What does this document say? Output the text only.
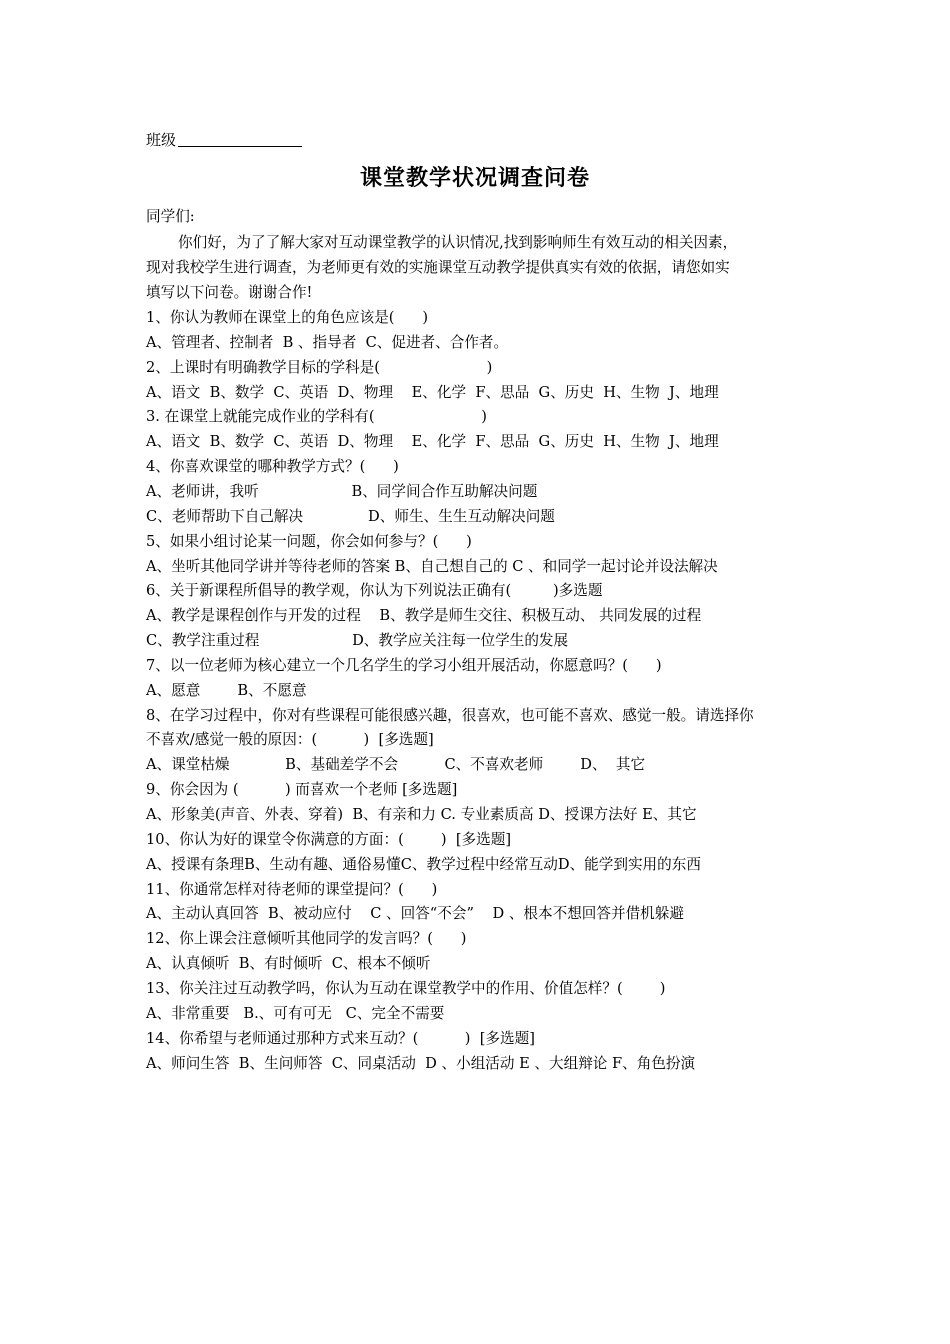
班级
课堂教学状况调查问卷
同学们:
你们好，为了了解大家对互动课堂教学的认识情况,找到影响师生有效互动的相关因素，
现对我校学生进行调查，为老师更有效的实施课堂互动教学提供真实有效的依据，请您如实
填写以下问卷。谢谢合作!
1、你认为教师在课堂上的角色应该是(      )
A、管理者、控制者  B 、指导者  C、促进者、合作者。
2、上课时有明确教学目标的学科是(                       )
A、语文  B、数学  C、英语  D、物理    E、化学  F、思品  G、历史  H、生物  J、地理
3. 在课堂上就能完成作业的学科有(                       )
A、语文  B、数学  C、英语  D、物理    E、化学  F、思品  G、历史  H、生物  J、地理
4、你喜欢课堂的哪种教学方式？(      )
A、老师讲，我听                    B、同学间合作互助解决问题
C、老师帮助下自己解决              D、师生、生生互动解决问题
5、如果小组讨论某一问题，你会如何参与？(      )
A、坐听其他同学讲并等待老师的答案 B、自己想自己的 C 、和同学一起讨论并设法解决
6、关于新课程所倡导的教学观，你认为下列说法正确有(         )多选题
A、教学是课程创作与开发的过程    B、教学是师生交往、积极互动、 共同发展的过程
C、教学注重过程                    D、教学应关注每一位学生的发展
7、以一位老师为核心建立一个几名学生的学习小组开展活动，你愿意吗？(      )
A、愿意        B、不愿意
8、在学习过程中，你对有些课程可能很感兴趣，很喜欢，也可能不喜欢、感觉一般。请选择你
不喜欢/感觉一般的原因：(          )  [多选题]
A、课堂枯燥            B、基础差学不会          C、不喜欢老师        D、  其它
9、你会因为 (          ) 而喜欢一个老师 [多选题]
A、形象美(声音、外表、穿着)  B、有亲和力 C. 专业素质高 D、授课方法好 E、其它
10、你认为好的课堂令你满意的方面：(        )  [多选题]
A、授课有条理B、生动有趣、通俗易懂C、教学过程中经常互动D、能学到实用的东西
11、你通常怎样对待老师的课堂提问？(      )
A、主动认真回答  B、被动应付    C 、回答“不会”    D 、根本不想回答并借机躲避
12、你上课会注意倾听其他同学的发言吗？(      )
A、认真倾听  B、有时倾听  C、根本不倾听
13、你关注过互动教学吗，你认为互动在课堂教学中的作用、价值怎样？(        )
A、非常重要   B.、可有可无   C、完全不需要
14、你希望与老师通过那种方式来互动？(          )  [多选题]
A、师问生答  B、生问师答  C、同桌活动  D 、小组活动 E 、大组辩论 F、角色扮演
